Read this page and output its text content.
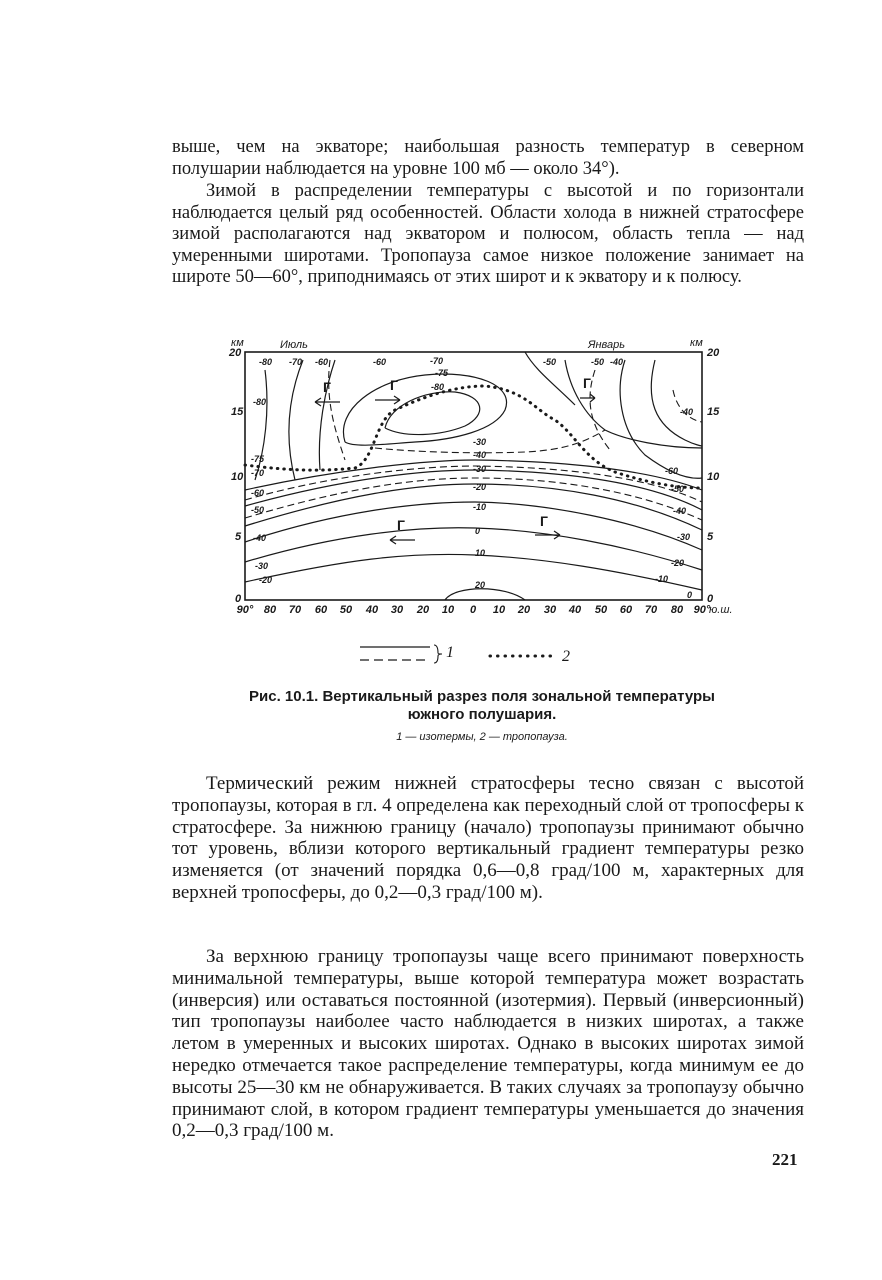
выше, чем на экваторе; наибольшая разность температур в северном полушарии наблюдается на уровне 100 мб — около 34°).

Зимой в распределении температуры с высотой и по горизонтали наблюдается целый ряд особенностей. Области холода в нижней стратосфере зимой располагаются над экватором и полюсом, область тепла — над умеренными широтами. Тропопауза самое низкое положение занимает на широте 50—60°, приподнимаясь от этих широт и к экватору и к полюсу.

Г	Г
Г	Г
Г
км	км
Июль	Январь
ю.ш.
20
15
10
5
0
20
15
10
5
0
90° 80 70 60 50 40 30 20 10 0 10 20 30 40 50 60 70 80 90°
-80 -70 -60	-60	-70
-75
-80
-50	-50
-40
-80
-40
-75
-70
-60
-50
-40
-30
-20
-30
-40
-30
-20
-10
0
10
20
-60
-50
-40
-30
-20
-10
0
1	2

Рис. 10.1. Вертикальный разрез поля зональной температуры южного полушария.

1 — изотермы, 2 — тропопауза.

Термический режим нижней стратосферы тесно связан с высотой тропопаузы, которая в гл. 4 определена как переходный слой от тропосферы к стратосфере. За нижнюю границу (начало) тропопаузы принимают обычно тот уровень, вблизи которого вертикальный градиент температуры резко изменяется (от значений порядка 0,6—0,8 град/100 м, характерных для верхней тропосферы, до 0,2—0,3 град/100 м).

За верхнюю границу тропопаузы чаще всего принимают поверхность минимальной температуры, выше которой температура может возрастать (инверсия) или оставаться постоянной (изотермия). Первый (инверсионный) тип тропопаузы наиболее часто наблюдается в низких широтах, а также летом в умеренных и высоких широтах. Однако в высоких широтах зимой нередко отмечается такое распределение температуры, когда минимум ее до высоты 25—30 км не обнаруживается. В таких случаях за тропопаузу обычно принимают слой, в котором градиент температуры уменьшается до значения 0,2—0,3 град/100 м.

221
